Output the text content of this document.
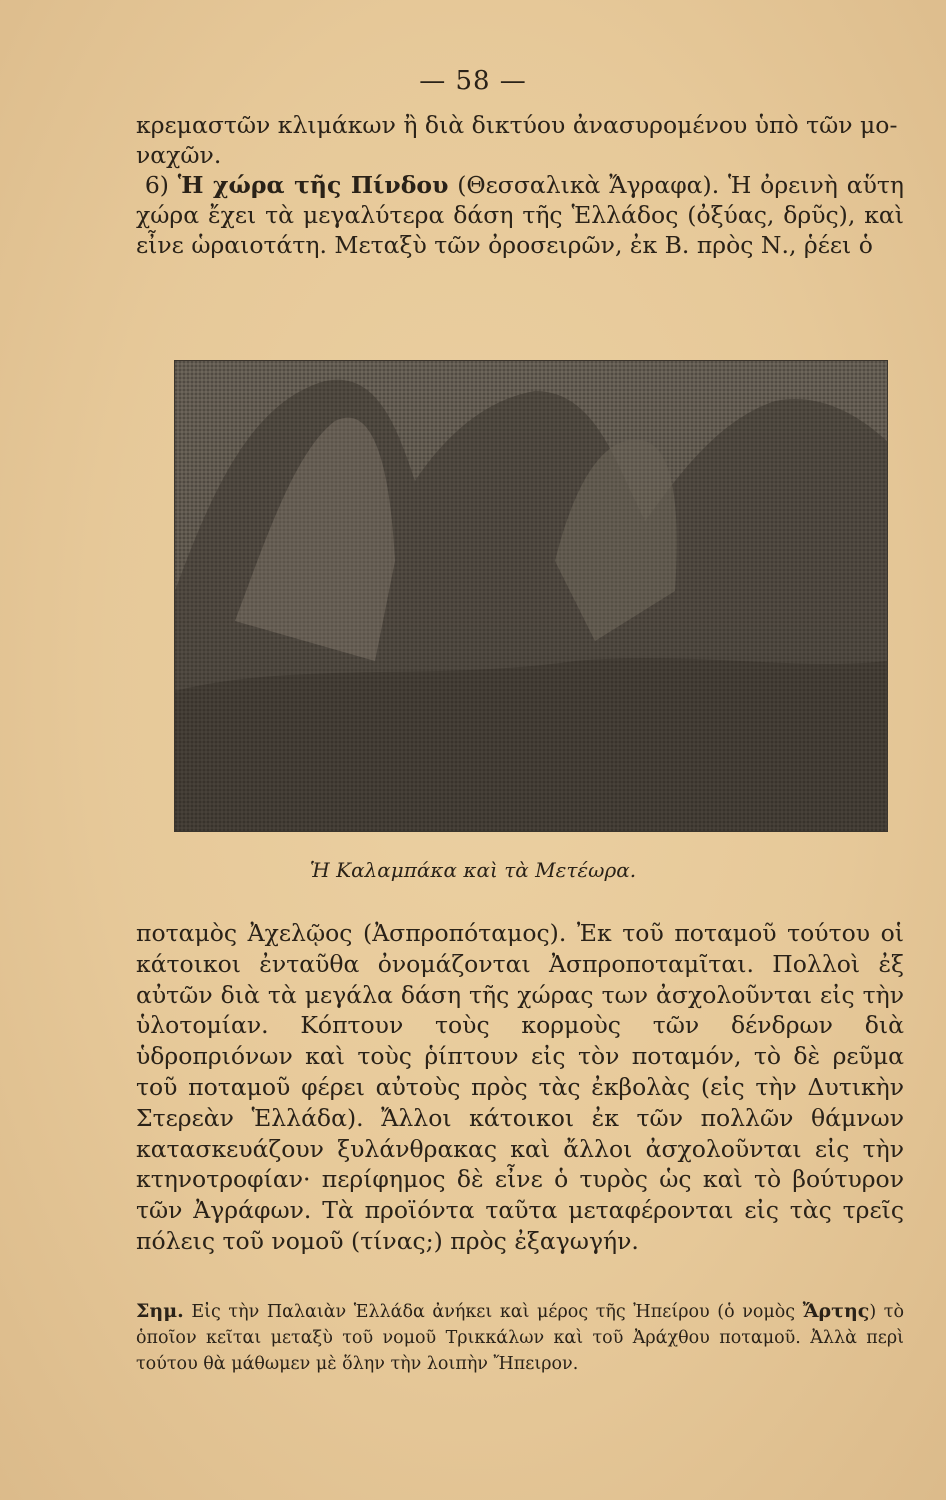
— 58 —

κρεμαστῶν κλιμάκων ἢ διὰ δικτύου ἀνασυρομένου ὑπὸ τῶν μο-

ναχῶν.

6) Ἡ χώρα τῆς Πίνδου (Θεσσαλικὰ Ἄγραφα). Ἡ ὀρεινὴ αὕτη χώρα ἔχει τὰ μεγαλύτερα δάση τῆς Ἑλλάδος (ὀξύας, δρῦς), καὶ εἶνε ὡραιοτάτη. Μεταξὺ τῶν ὀροσειρῶν, ἐκ Β. πρὸς Ν., ῥέει ὁ

Ἡ Καλαμπάκα καὶ τὰ Μετέωρα.
ποταμὸς Ἀχελῷος (Ἀσπροπόταμος). Ἐκ τοῦ ποταμοῦ τούτου οἱ κάτοικοι ἐνταῦθα ὀνομάζονται Ἀσπροποταμῖται. Πολλοὶ ἐξ αὐτῶν διὰ τὰ μεγάλα δάση τῆς χώρας των ἀσχολοῦνται εἰς τὴν ὑλοτομίαν. Κόπτουν τοὺς κορμοὺς τῶν δένδρων διὰ ὑδροπριόνων καὶ τοὺς ῥίπτουν εἰς τὸν ποταμόν, τὸ δὲ ρεῦμα τοῦ ποταμοῦ φέρει αὐτοὺς πρὸς τὰς ἐκβολὰς (εἰς τὴν Δυτικὴν Στερεὰν Ἑλλάδα). Ἄλλοι κάτοικοι ἐκ τῶν πολλῶν θάμνων κατασκευάζουν ξυλάνθρακας καὶ ἄλλοι ἀσχολοῦνται εἰς τὴν κτηνοτροφίαν· περίφημος δὲ εἶνε ὁ τυρὸς ὡς καὶ τὸ βούτυρον τῶν Ἀγράφων. Τὰ προϊόντα ταῦτα μεταφέρονται εἰς τὰς τρεῖς πόλεις τοῦ νομοῦ (τίνας;) πρὸς ἐξαγωγήν.
Σημ. Εἰς τὴν Παλαιὰν Ἑλλάδα ἀνήκει καὶ μέρος τῆς Ἠπείρου (ὁ νομὸς Ἄρτης) τὸ ὁποῖον κεῖται μεταξὺ τοῦ νομοῦ Τρικκάλων καὶ τοῦ Ἀράχθου ποταμοῦ. Ἀλλὰ περὶ τούτου θὰ μάθωμεν μὲ ὅλην τὴν λοιπὴν Ἤπειρον.
